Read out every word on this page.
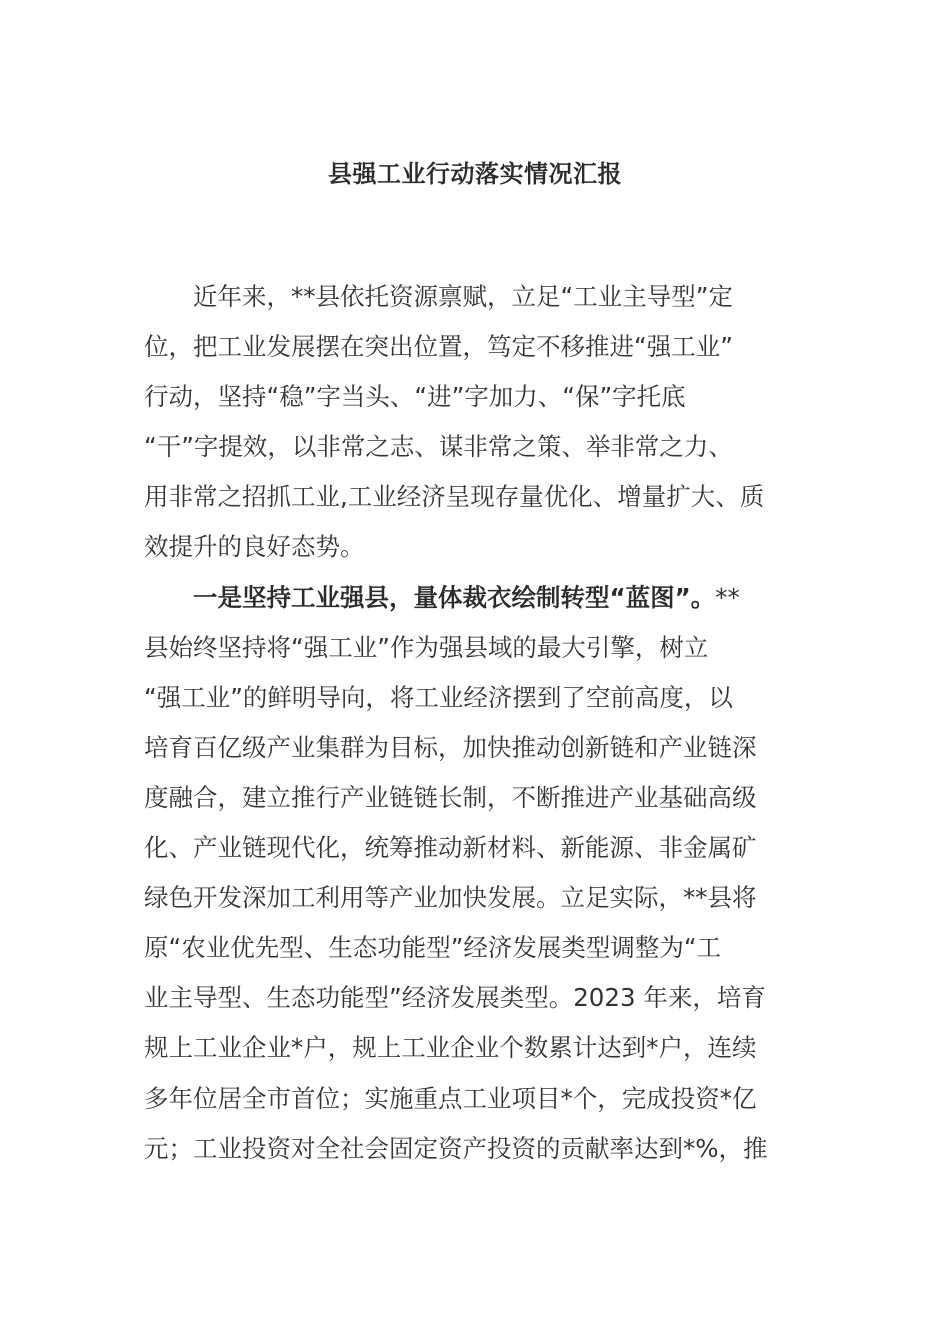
县强工业行动落实情况汇报
近年来，**县依托资源禀赋，立足“工业主导型”定
位，把工业发展摆在突出位置，笃定不移推进“强工业”
行动，坚持“稳”字当头、“进”字加力、“保”字托底
“干”字提效，以非常之志、谋非常之策、举非常之力、
用非常之招抓工业,工业经济呈现存量优化、增量扩大、质
效提升的良好态势。
一是坚持工业强县，量体裁衣绘制转型“蓝图”。**
县始终坚持将“强工业”作为强县域的最大引擎，树立
“强工业”的鲜明导向，将工业经济摆到了空前高度，以
培育百亿级产业集群为目标，加快推动创新链和产业链深
度融合，建立推行产业链链长制，不断推进产业基础高级
化、产业链现代化，统筹推动新材料、新能源、非金属矿
绿色开发深加工利用等产业加快发展。立足实际，**县将
原“农业优先型、生态功能型”经济发展类型调整为“工
业主导型、生态功能型”经济发展类型。2023 年来，培育
规上工业企业*户，规上工业企业个数累计达到*户，连续
多年位居全市首位；实施重点工业项目*个，完成投资*亿
元；工业投资对全社会固定资产投资的贡献率达到*%，推
